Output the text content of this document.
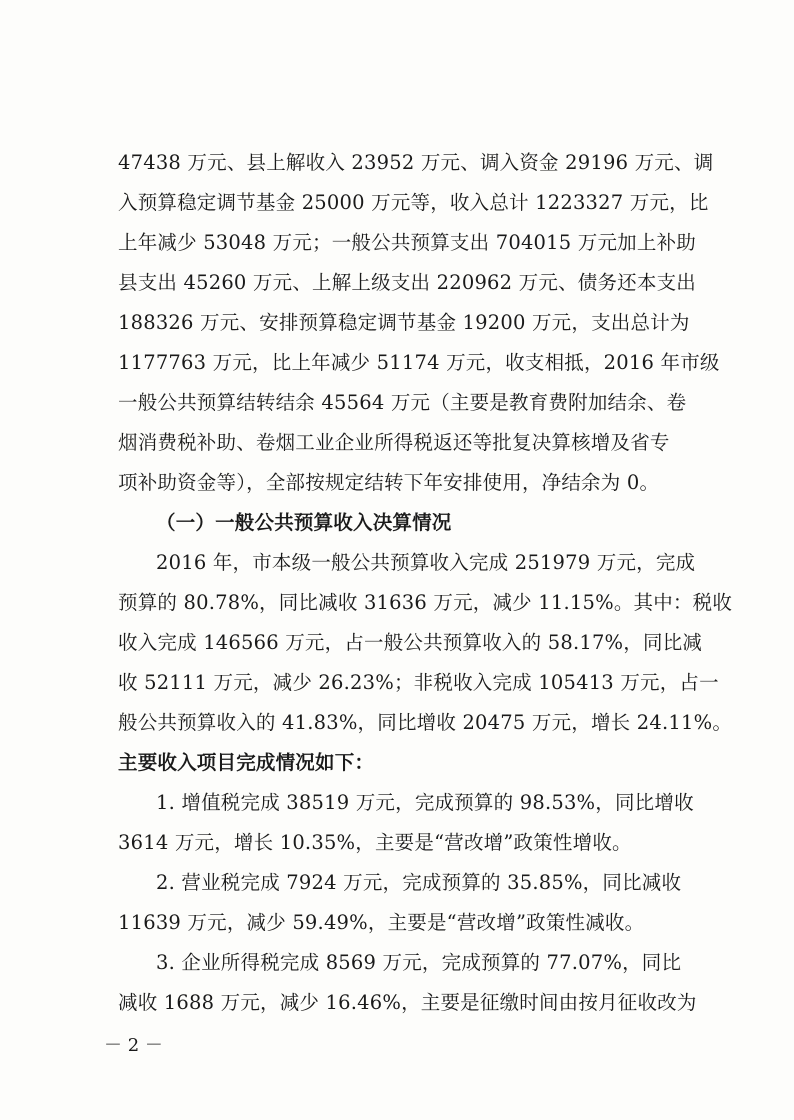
47438 万元、县上解收入 23952 万元、调入资金 29196 万元、调
入预算稳定调节基金 25000 万元等，收入总计 1223327 万元，比
上年减少 53048 万元；一般公共预算支出 704015 万元加上补助
县支出 45260 万元、上解上级支出 220962 万元、债务还本支出
188326 万元、安排预算稳定调节基金 19200 万元，支出总计为
1177763 万元，比上年减少 51174 万元，收支相抵，2016 年市级
一般公共预算结转结余 45564 万元（主要是教育费附加结余、卷
烟消费税补助、卷烟工业企业所得税返还等批复决算核增及省专
项补助资金等），全部按规定结转下年安排使用，净结余为 0。
（一）一般公共预算收入决算情况
2016 年，市本级一般公共预算收入完成 251979 万元，完成
预算的 80.78%，同比减收 31636 万元，减少 11.15%。其中：税收
收入完成 146566 万元，占一般公共预算收入的 58.17%，同比减
收 52111 万元，减少 26.23%；非税收入完成 105413 万元，占一
般公共预算收入的 41.83%，同比增收 20475 万元，增长 24.11%。
主要收入项目完成情况如下：
1. 增值税完成 38519 万元，完成预算的 98.53%，同比增收
3614 万元，增长 10.35%，主要是“营改增”政策性增收。
2. 营业税完成 7924 万元，完成预算的 35.85%，同比减收
11639 万元，减少 59.49%，主要是“营改增”政策性减收。
3. 企业所得税完成 8569 万元，完成预算的 77.07%，同比
减收 1688 万元，减少 16.46%，主要是征缴时间由按月征收改为
－ 2 －
